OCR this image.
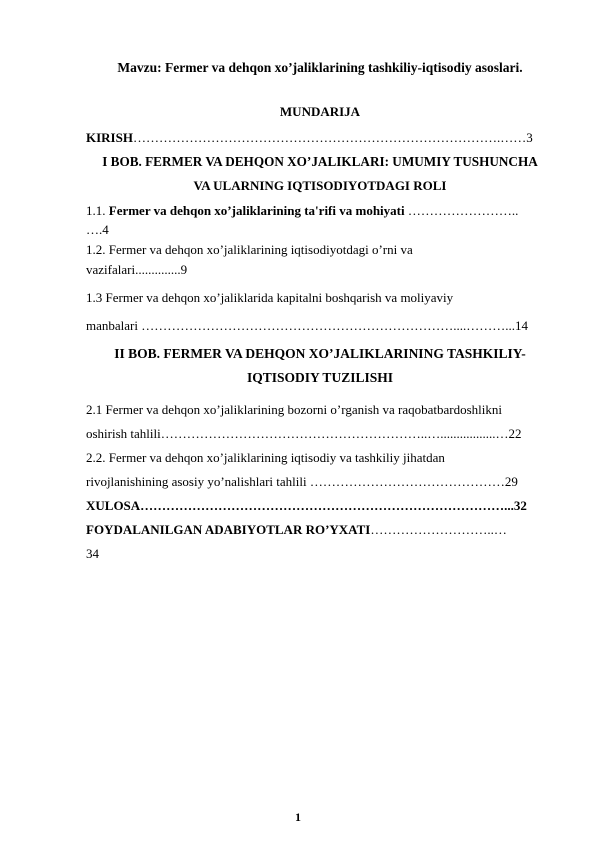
Mavzu: Fermer va dehqon xo’jaliklarining tashkiliy-iqtisodiy asoslari.
MUNDARIJA
KIRISH………………………………………………………………………….……3
I BOB. FERMER VA DEHQON XO’JALIKLARI: UMUMIY TUSHUNCHA
VA ULARNING IQTISODIYOTDAGI ROLI
1.1. Fermer va dehqon xo’jaliklarining ta'rifi va mohiyati ……………………..
….4
1.2. Fermer va dehqon xo’jaliklarining iqtisodiyotdagi o’rni va
vazifalari..............9
1.3 Fermer va dehqon xo’jaliklarida kapitalni boshqarish va moliyaviy
manbalari ………………………………………………………………....………...14
II BOB. FERMER VA DEHQON XO’JALIKLARINING TASHKILIY-
IQTISODIY TUZILISHI
2.1 Fermer va dehqon xo’jaliklarining bozorni o’rganish va raqobatbardoshlikni
oshirish tahlili……………………………………………………..….................…22
2.2. Fermer va dehqon xo’jaliklarining iqtisodiy va tashkiliy jihatdan
rivojlanishining asosiy yo’nalishlari tahlili ………………………………………29
XULOSA…………………………………………………………………………...32
FOYDALANILGAN ADABIYOTLAR RO’YXATI………………………..…
34
1
